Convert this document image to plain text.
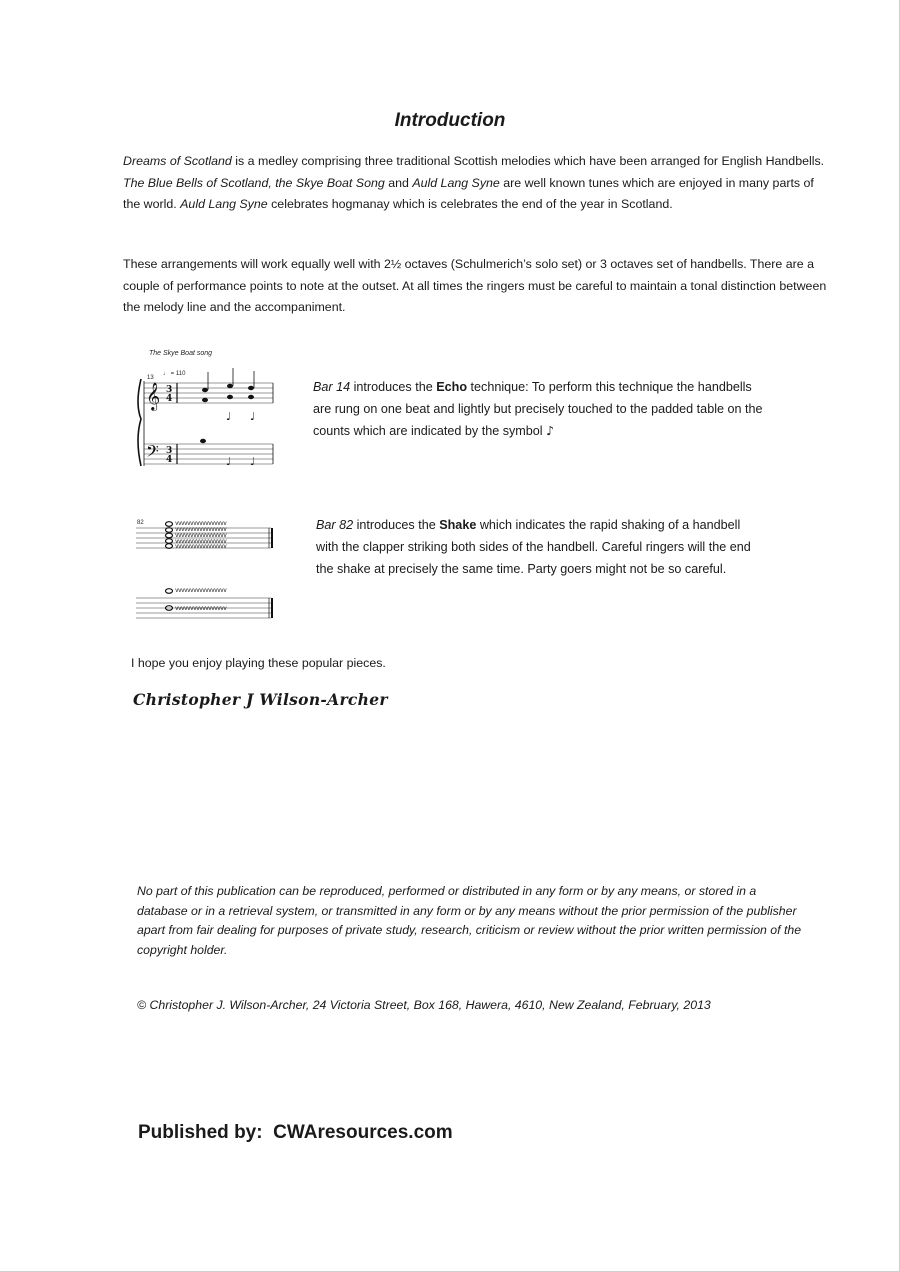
Introduction
Dreams of Scotland is a medley comprising three traditional Scottish melodies which have been arranged for English Handbells. The Blue Bells of Scotland, the Skye Boat Song and Auld Lang Syne are well known tunes which are enjoyed in many parts of the world. Auld Lang Syne celebrates hogmanay which is celebrates the end of the year in Scotland.
These arrangements will work equally well with 2½ octaves (Schulmerich’s solo set) or 3 octaves set of handbells. There are a couple of performance points to note at the outset. At all times the ringers must be careful to maintain a tonal distinction between the melody line and the accompaniment.
The Skye Boat song
13
♩ = 110
𝄞
𝄢
3
4
3
4
♩ ♩
♩ ♩
Bar 14 introduces the Echo technique: To perform this technique the handbells are rung on one beat and lightly but precisely touched to the padded table on the counts which are indicated by the symbol ♪
82	vvvvvvvvvvvvvvvvv
vvvvvvvvvvvvvvvvv
vvvvvvvvvvvvvvvvv
vvvvvvvvvvvvvvvvv
vvvvvvvvvvvvvvvvv
vvvvvvvvvvvvvvvvv
vvvvvvvvvvvvvvvvv
Bar 82 introduces the Shake which indicates the rapid shaking of a handbell with the clapper striking both sides of the handbell. Careful ringers will the end the shake at precisely the same time. Party goers might not be so careful.
I hope you enjoy playing these popular pieces.
Christopher J Wilson-Archer
No part of this publication can be reproduced, performed or distributed in any form or by any means, or stored in a database or in a retrieval system, or transmitted in any form or by any means without the prior permission of the publisher apart from fair dealing for purposes of private study, research, criticism or review without the prior written permission of the copyright holder.
© Christopher J. Wilson-Archer, 24 Victoria Street, Box 168, Hawera, 4610, New Zealand, February, 2013
Published by: CWAresources.com
